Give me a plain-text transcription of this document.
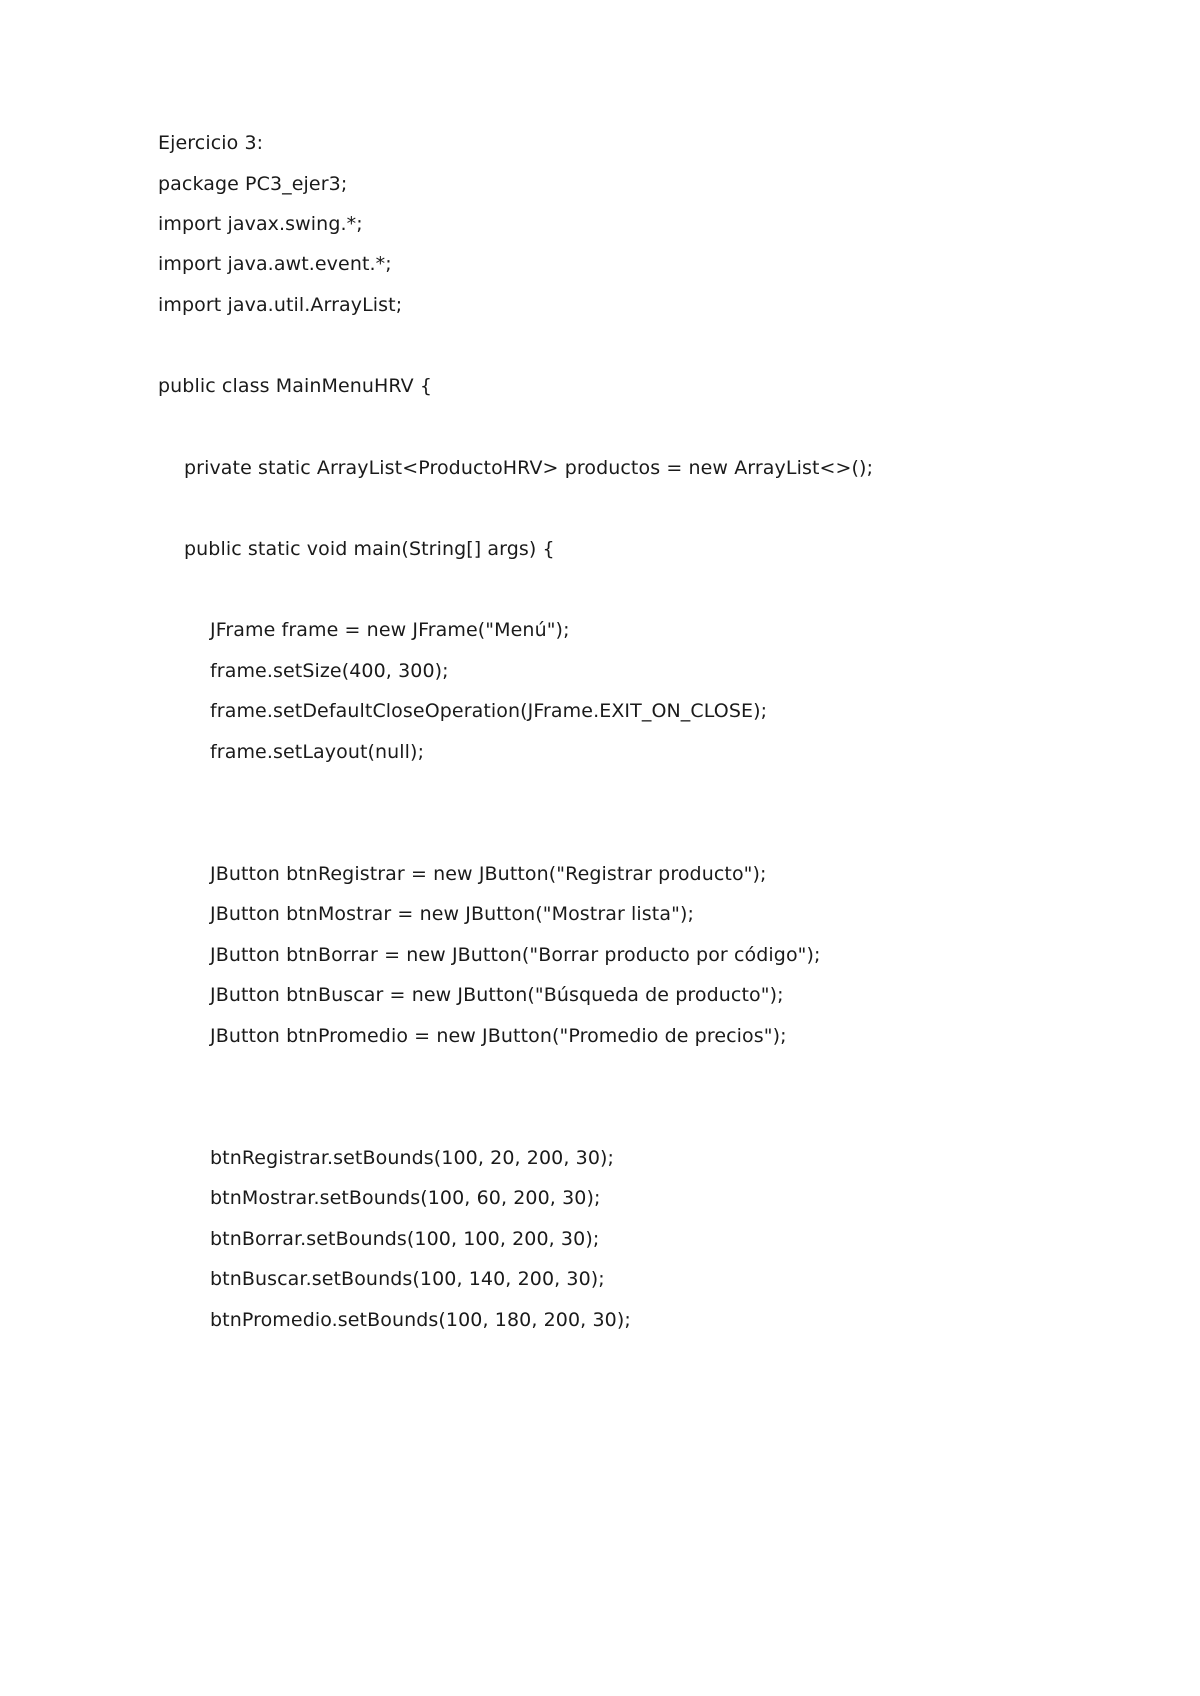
Ejercicio 3:
package PC3_ejer3;
import javax.swing.*;
import java.awt.event.*;
import java.util.ArrayList;
public class MainMenuHRV {
private static ArrayList<ProductoHRV> productos = new ArrayList<>();
public static void main(String[] args) {
JFrame frame = new JFrame("Menú");
frame.setSize(400, 300);
frame.setDefaultCloseOperation(JFrame.EXIT_ON_CLOSE);
frame.setLayout(null);
JButton btnRegistrar = new JButton("Registrar producto");
JButton btnMostrar = new JButton("Mostrar lista");
JButton btnBorrar = new JButton("Borrar producto por código");
JButton btnBuscar = new JButton("Búsqueda de producto");
JButton btnPromedio = new JButton("Promedio de precios");
btnRegistrar.setBounds(100, 20, 200, 30);
btnMostrar.setBounds(100, 60, 200, 30);
btnBorrar.setBounds(100, 100, 200, 30);
btnBuscar.setBounds(100, 140, 200, 30);
btnPromedio.setBounds(100, 180, 200, 30);
